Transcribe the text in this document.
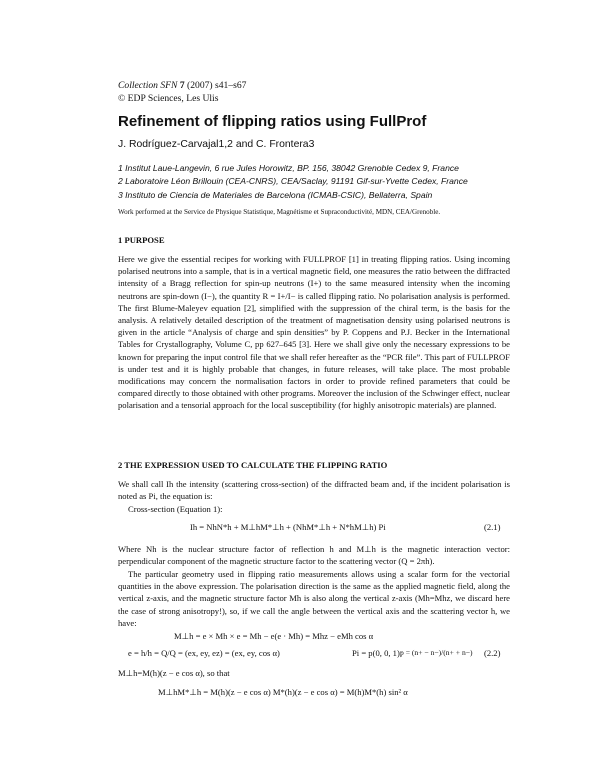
Collection SFN 7 (2007) s41–s67
© EDP Sciences, Les Ulis
Refinement of flipping ratios using FullProf
J. Rodríguez-Carvajal1,2 and C. Frontera3
1 Institut Laue-Langevin, 6 rue Jules Horowitz, BP. 156, 38042 Grenoble Cedex 9, France
2 Laboratoire Léon Brillouin (CEA-CNRS), CEA/Saclay, 91191 Gif-sur-Yvette Cedex, France
3 Instituto de Ciencia de Materiales de Barcelona (ICMAB-CSIC), Bellaterra, Spain
Work performed at the Service de Physique Statistique, Magnétisme et Supraconductivité, MDN, CEA/Grenoble.
1 PURPOSE
Here we give the essential recipes for working with FULLPROF [1] in treating flipping ratios. Using incoming polarised neutrons into a sample, that is in a vertical magnetic field, one measures the ratio between the diffracted intensity of a Bragg reflection for spin-up neutrons (I+) to the same measured intensity when the incoming neutrons are spin-down (I−), the quantity R = I+/I− is called flipping ratio. No polarisation analysis is performed. The first Blume-Maleyev equation [2], simplified with the suppression of the chiral term, is the basis for the analysis. A relatively detailed description of the treatment of magnetisation density using polarised neutrons is given in the article “Analysis of charge and spin densities” by P. Coppens and P.J. Becker in the International Tables for Crystallography, Volume C, pp 627–645 [3]. Here we shall give only the necessary expressions to be known for preparing the input control file that we shall refer hereafter as the “PCR file”. This part of FULLPROF is under test and it is highly probable that changes, in future releases, will take place. The most probable modifications may concern the normalisation factors in order to provide refined parameters that could be compared directly to those obtained with other programs. Moreover the inclusion of the Schwinger effect, nuclear polarisation and a tensorial approach for the local susceptibility (for highly anisotropic materials) are planned.
2 THE EXPRESSION USED TO CALCULATE THE FLIPPING RATIO
We shall call Ih the intensity (scattering cross-section) of the diffracted beam and, if the incident polarisation is noted as Pi, the equation is:
Cross-section (Equation 1):
Ih = NhN*h + M⊥hM*⊥h + (NhM*⊥h + N*hM⊥h) Pi	(2.1)
Where Nh is the nuclear structure factor of reflection h and M⊥h is the magnetic interaction vector: perpendicular component of the magnetic structure factor to the scattering vector (Q = 2πh).
The particular geometry used in flipping ratio measurements allows using a scalar form for the vectorial quantities in the above expression. The polarisation direction is the same as the applied magnetic field, along the vertical z-axis, and the magnetic structure factor Mh is also along the vertical z-axis (Mh=Mhz, we discard here the case of strong anisotropy!), so, if we call the angle between the vertical axis and the scattering vector h, we have:
M⊥h = e × Mh × e = Mh − e(e · Mh) = Mhz − eMh cos α
e = h/h = Q/Q = (ex, ey, ez) = (ex, ey, cos α)	Pi = p(0, 0, 1);
p = (n+ − n−)/(n+ + n−) (2.2)
M⊥h=M(h)(z − e cos α), so that
M⊥hM*⊥h = M(h)(z − e cos α) M*(h)(z − e cos α) = M(h)M*(h) sin² α
